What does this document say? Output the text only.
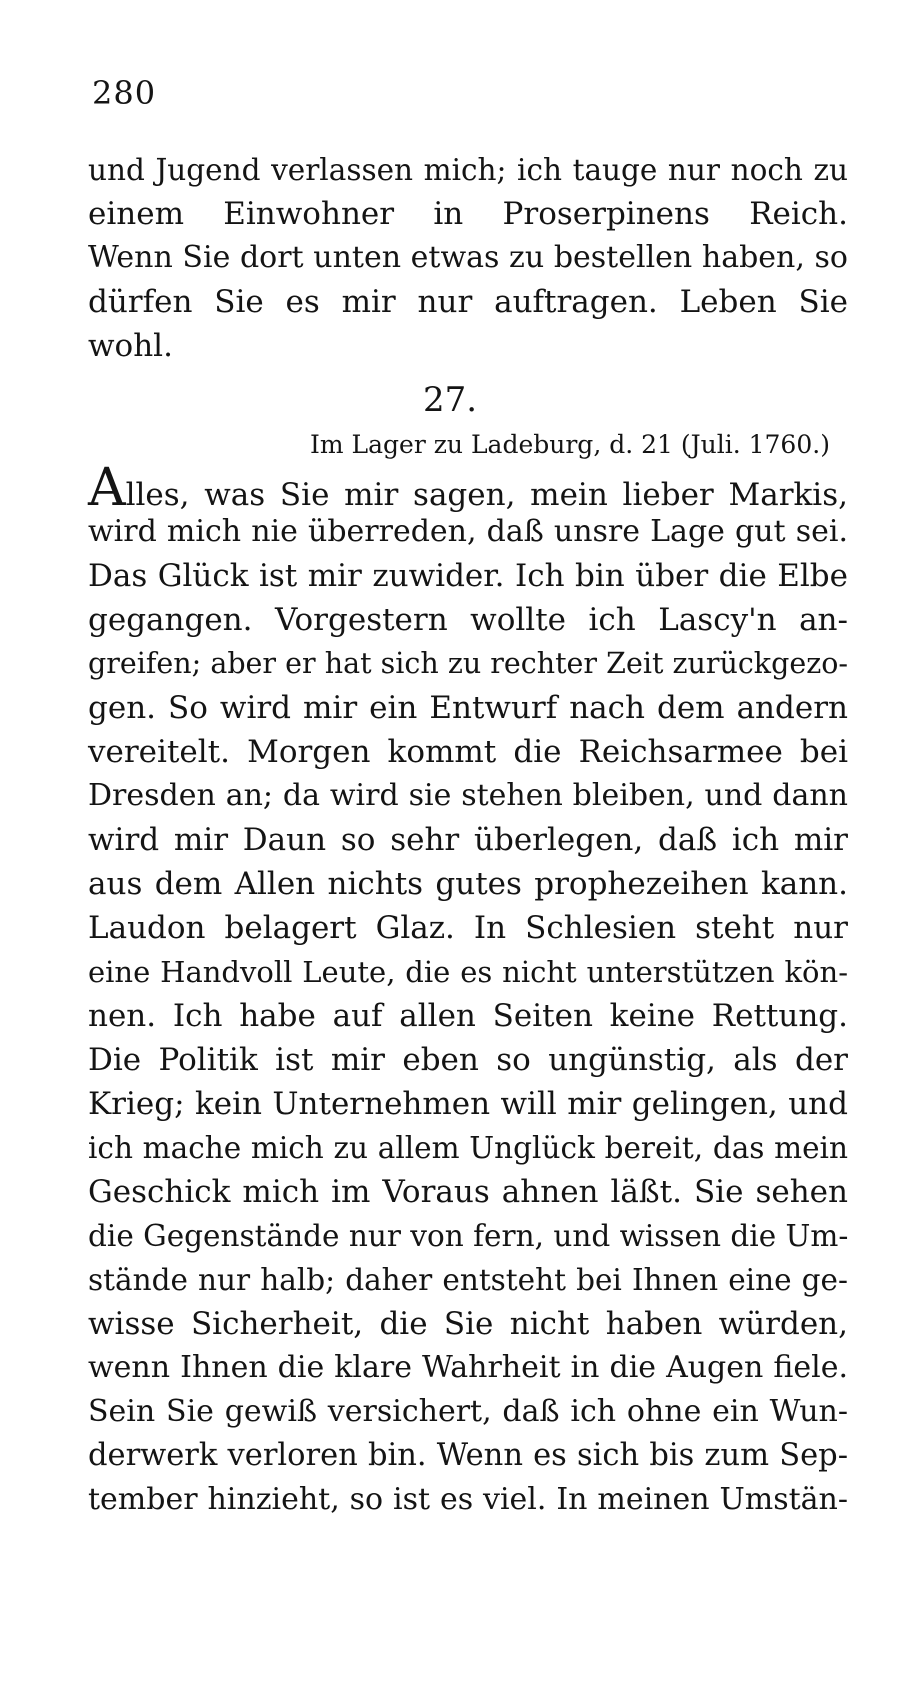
280
und Jugend verlassen mich; ich tauge nur noch zu
einem Einwohner in Proserpinens Reich.
Wenn Sie dort unten etwas zu bestellen haben, so
dürfen Sie es mir nur auftragen. Leben Sie
wohl.
27.
Im Lager zu Ladeburg, d. 21 (Juli. 1760.)
Alles, was Sie mir sagen, mein lieber Markis,
wird mich nie überreden, daß unsre Lage gut sei.
Das Glück ist mir zuwider. Ich bin über die Elbe
gegangen. Vorgestern wollte ich Lascy'n an-
greifen; aber er hat sich zu rechter Zeit zurückgezo-
gen. So wird mir ein Entwurf nach dem andern
vereitelt. Morgen kommt die Reichsarmee bei
Dresden an; da wird sie stehen bleiben, und dann
wird mir Daun so sehr überlegen, daß ich mir
aus dem Allen nichts gutes prophezeihen kann.
Laudon belagert Glaz. In Schlesien steht nur
eine Handvoll Leute, die es nicht unterstützen kön-
nen. Ich habe auf allen Seiten keine Rettung.
Die Politik ist mir eben so ungünstig, als der
Krieg; kein Unternehmen will mir gelingen, und
ich mache mich zu allem Unglück bereit, das mein
Geschick mich im Voraus ahnen läßt. Sie sehen
die Gegenstände nur von fern, und wissen die Um-
stände nur halb; daher entsteht bei Ihnen eine ge-
wisse Sicherheit, die Sie nicht haben würden,
wenn Ihnen die klare Wahrheit in die Augen fiele.
Sein Sie gewiß versichert, daß ich ohne ein Wun-
derwerk verloren bin. Wenn es sich bis zum Sep-
tember hinzieht, so ist es viel. In meinen Umstän-
